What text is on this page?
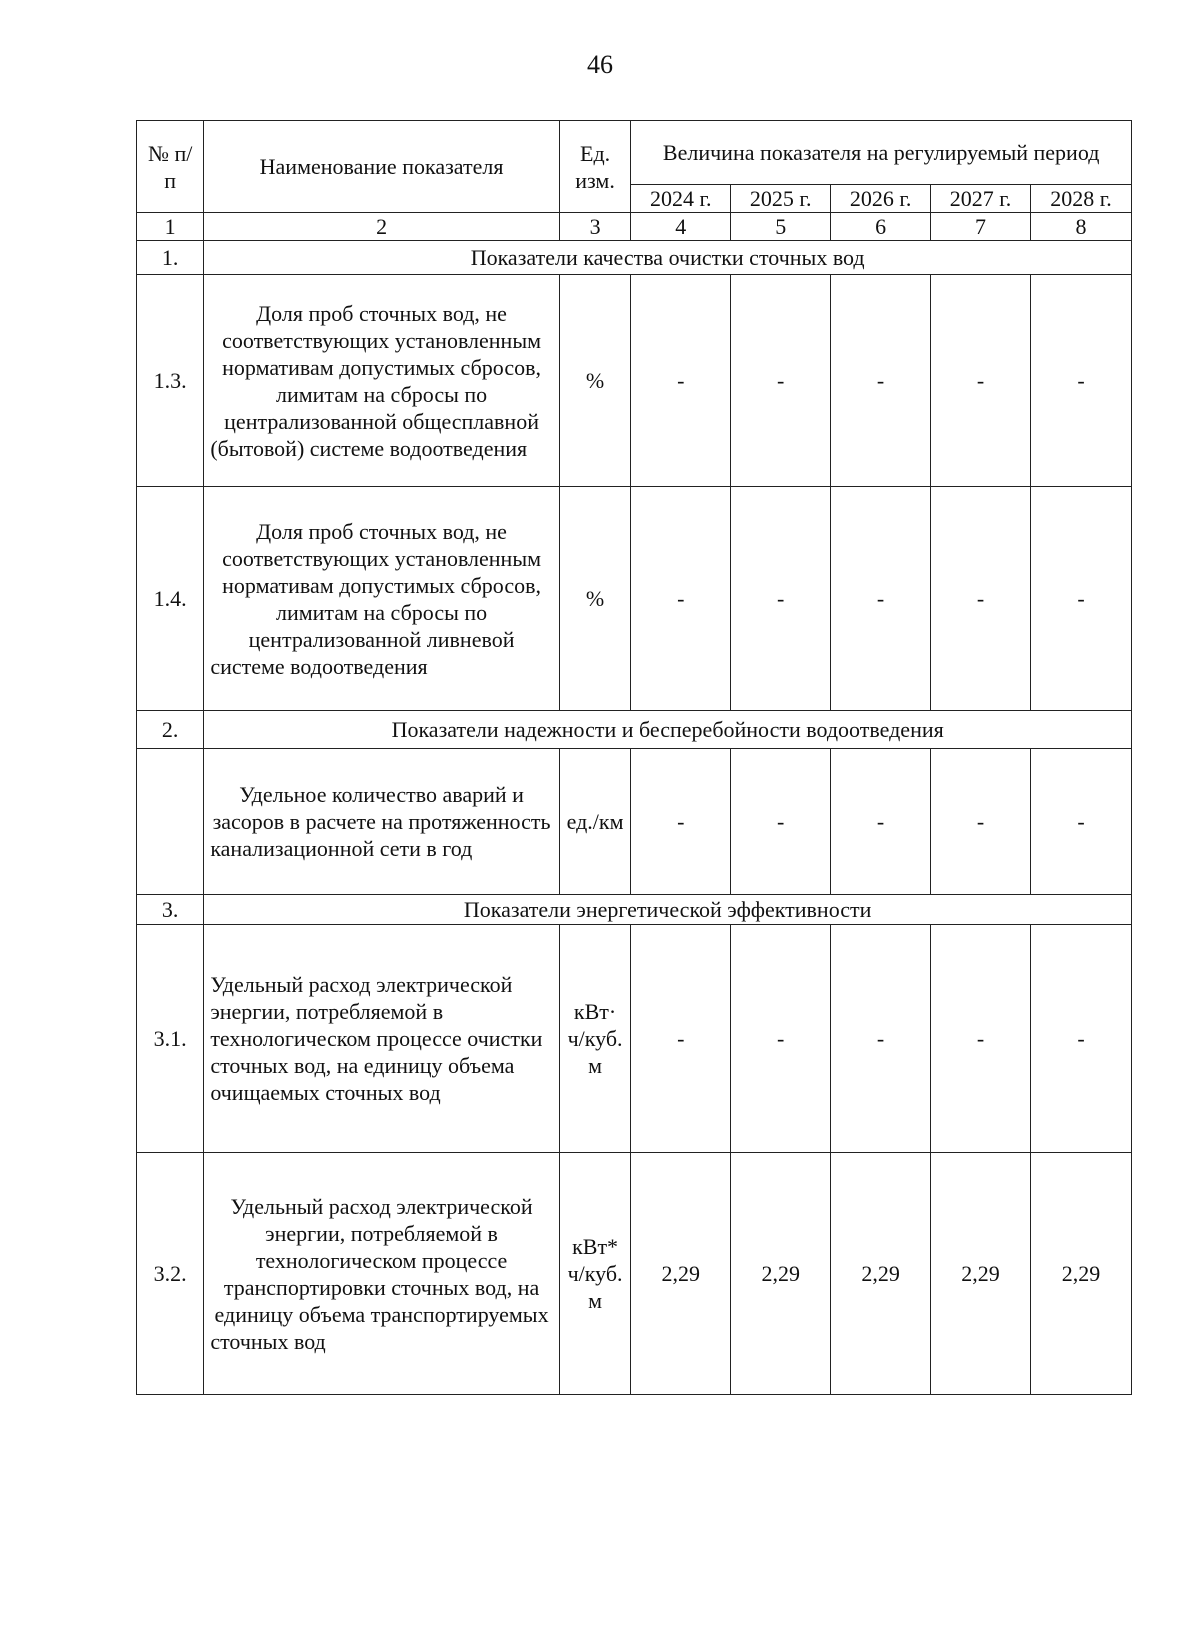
46
№ п/п	Наименование показателя	Ед. изм.	Величина показателя на регулируемый период				
			2024 г.	2025 г.	2026 г.	2027 г.	2028 г.
1	2	3	4	5	6	7	8
1.	Показатели качества очистки сточных вод						
1.3.	Доля проб сточных вод, не соответствующих установленным нормативам допустимых сбросов, лимитам на сбросы по централизованной общесплавной (бытовой) системе водоотведения	%	-	-	-	-	-
1.4.	Доля проб сточных вод, не соответствующих установленным нормативам допустимых сбросов, лимитам на сбросы по централизованной ливневой системе водоотведения	%	-	-	-	-	-
2.	Показатели надежности и бесперебойности водоотведения						
	Удельное количество аварий и засоров в расчете на протяженность канализационной сети в год	ед./км	-	-	-	-	-
3.	Показатели энергетической эффективности						
3.1.	Удельный расход электрической энергии, потребляемой в технологическом процессе очистки сточных вод, на единицу объема очищаемых сточных вод	кВт·ч/куб. м	-	-	-	-	-
3.2.	Удельный расход электрической энергии, потребляемой в технологическом процессе транспортировки сточных вод, на единицу объема транспортируемых сточных вод	кВт*ч/куб. м	2,29	2,29	2,29	2,29	2,29
